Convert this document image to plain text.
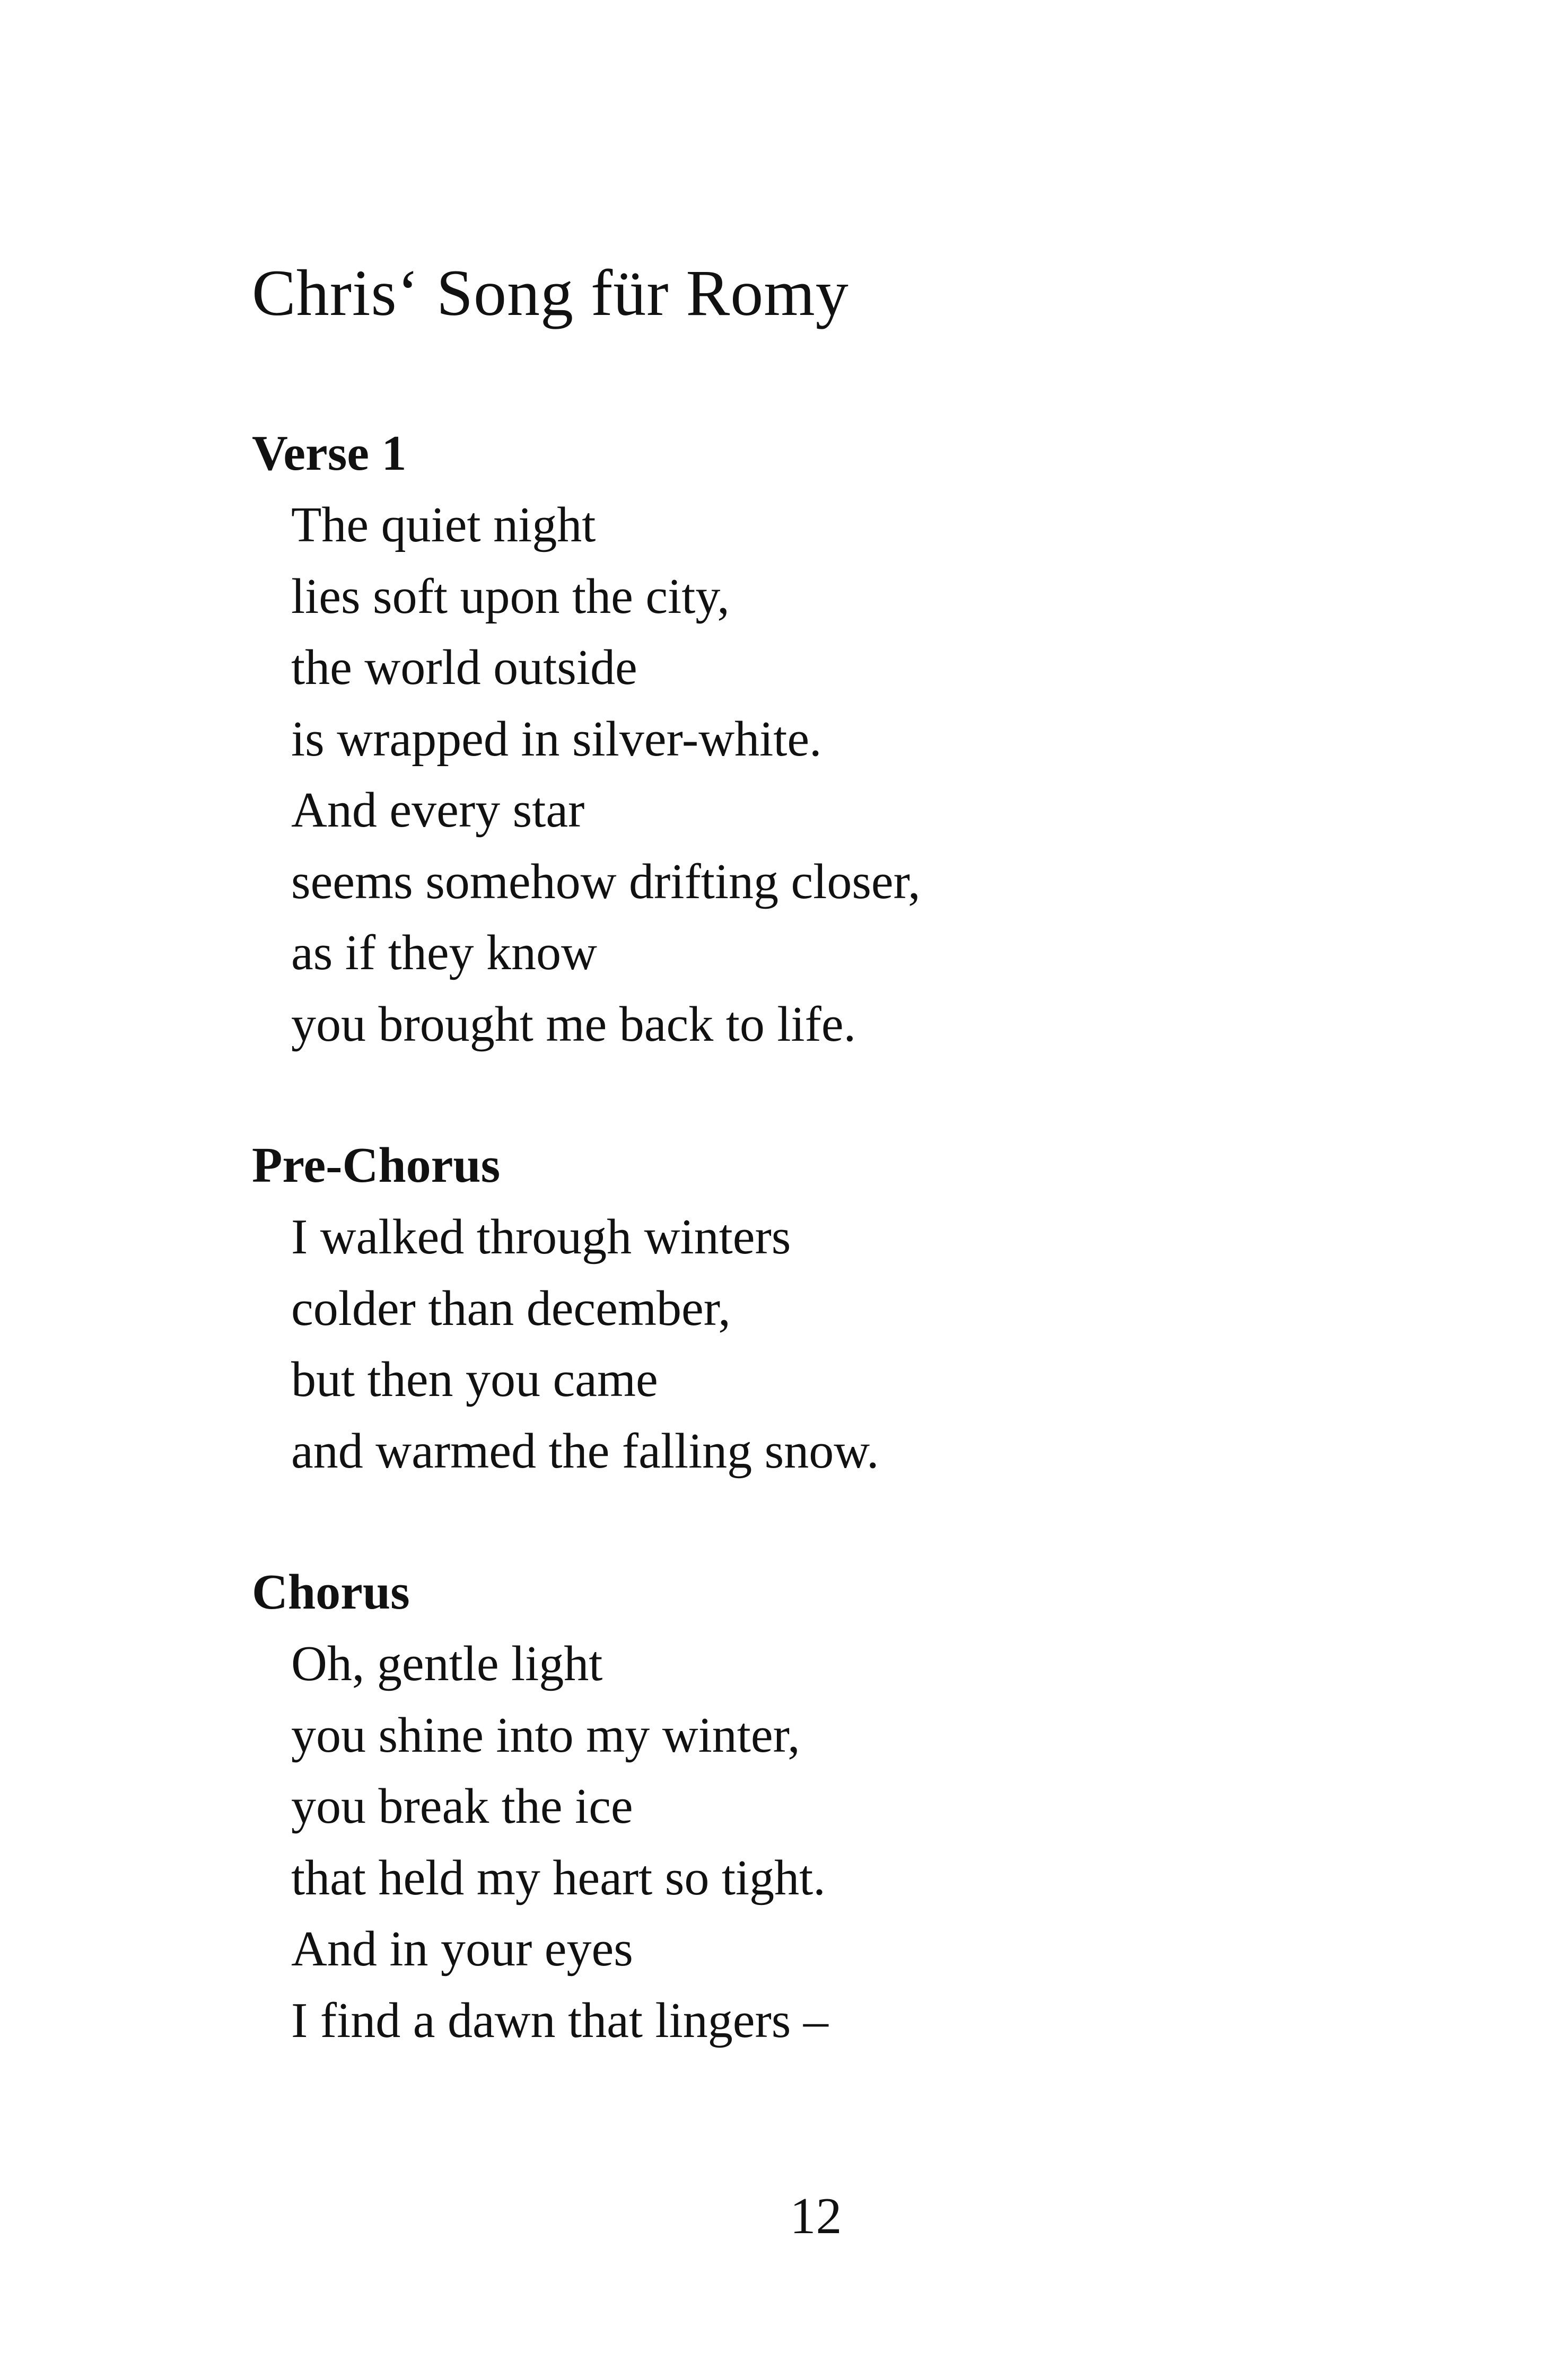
Chris‘ Song für Romy
Verse 1
The quiet night
lies soft upon the city,
the world outside
is wrapped in silver-white.
And every star
seems somehow drifting closer,
as if they know
you brought me back to life.
Pre-Chorus
I walked through winters
colder than december,
but then you came
and warmed the falling snow.
Chorus
Oh, gentle light
you shine into my winter,
you break the ice
that held my heart so tight.
And in your eyes
I find a dawn that lingers –
12
